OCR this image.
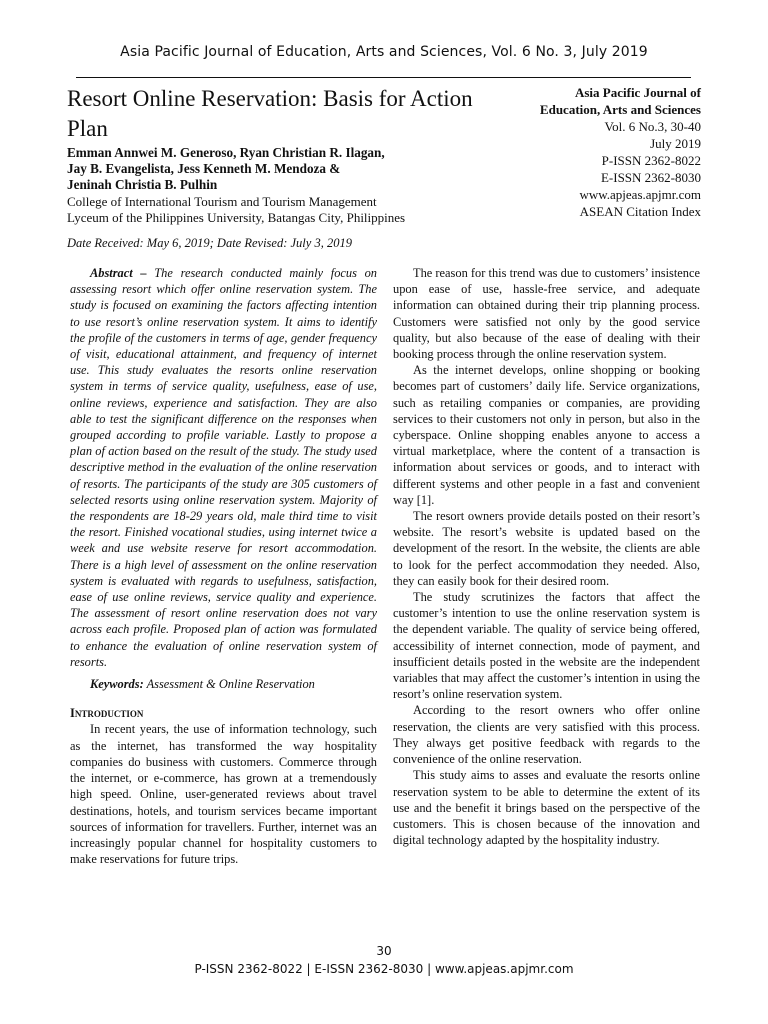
Asia Pacific Journal of Education, Arts and Sciences, Vol. 6 No. 3, July 2019
Resort Online Reservation: Basis for Action Plan
Emman Annwei M. Generoso, Ryan Christian R. Ilagan,
Jay B. Evangelista, Jess Kenneth M. Mendoza &
Jeninah Christia B. Pulhin
College of International Tourism and Tourism Management
Lyceum of the Philippines University, Batangas City, Philippines
Date Received: May 6, 2019; Date Revised: July 3, 2019
Asia Pacific Journal of
Education, Arts and Sciences
Vol. 6 No.3, 30-40
July 2019
P-ISSN 2362-8022
E-ISSN 2362-8030
www.apjeas.apjmr.com
ASEAN Citation Index

Abstract – The research conducted mainly focus on assessing resort which offer online reservation system. The study is focused on examining the factors affecting intention to use resort’s online reservation system. It aims to identify the profile of the customers in terms of age, gender frequency of visit, educational attainment, and frequency of internet use. This study evaluates the resorts online reservation system in terms of service quality, usefulness, ease of use, online reviews, experience and satisfaction. They are also able to test the significant difference on the responses when grouped according to profile variable. Lastly to propose a plan of action based on the result of the study. The study used descriptive method in the evaluation of the online reservation of resorts. The participants of the study are 305 customers of selected resorts using online reservation system. Majority of the respondents are 18-29 years old, male third time to visit the resort. Finished vocational studies, using internet twice a week and use website reserve for resort accommodation. There is a high level of assessment on the online reservation system is evaluated with regards to usefulness, satisfaction, ease of use online reviews, service quality and experience. The assessment of resort online reservation does not vary across each profile. Proposed plan of action was formulated to enhance the evaluation of online reservation system of resorts.

Keywords: Assessment & Online Reservation

Introduction

In recent years, the use of information technology, such as the internet, has transformed the way hospitality companies do business with customers. Commerce through the internet, or e-commerce, has grown at a tremendously high speed. Online, user-generated reviews about travel destinations, hotels, and tourism services became important sources of information for travellers. Further, internet was an increasingly popular channel for hospitality customers to make reservations for future trips.

The reason for this trend was due to customers’ insistence upon ease of use, hassle-free service, and adequate information can obtained during their trip planning process. Customers were satisfied not only by the good service quality, but also because of the ease of dealing with their booking process through the online reservation system.

As the internet develops, online shopping or booking becomes part of customers’ daily life. Service organizations, such as retailing companies or companies, are providing services to their customers not only in person, but also in the cyberspace. Online shopping enables anyone to access a virtual marketplace, where the content of a transaction is information about services or goods, and to interact with different systems and other people in a fast and convenient way [1].

The resort owners provide details posted on their resort’s website. The resort’s website is updated based on the development of the resort. In the website, the clients are able to look for the perfect accommodation they needed. Also, they can easily book for their desired room.

The study scrutinizes the factors that affect the customer’s intention to use the online reservation system is the dependent variable. The quality of service being offered, accessibility of internet connection, mode of payment, and insufficient details posted in the website are the independent variables that may affect the customer’s intention in using the resort’s online reservation system.

According to the resort owners who offer online reservation, the clients are very satisfied with this process. They always get positive feedback with regards to the convenience of the online reservation.

This study aims to asses and evaluate the resorts online reservation system to be able to determine the extent of its use and the benefit it brings based on the perspective of the customers. This is chosen because of the innovation and digital technology adapted by the hospitality industry.

30
P-ISSN 2362-8022 | E-ISSN 2362-8030 | www.apjeas.apjmr.com
